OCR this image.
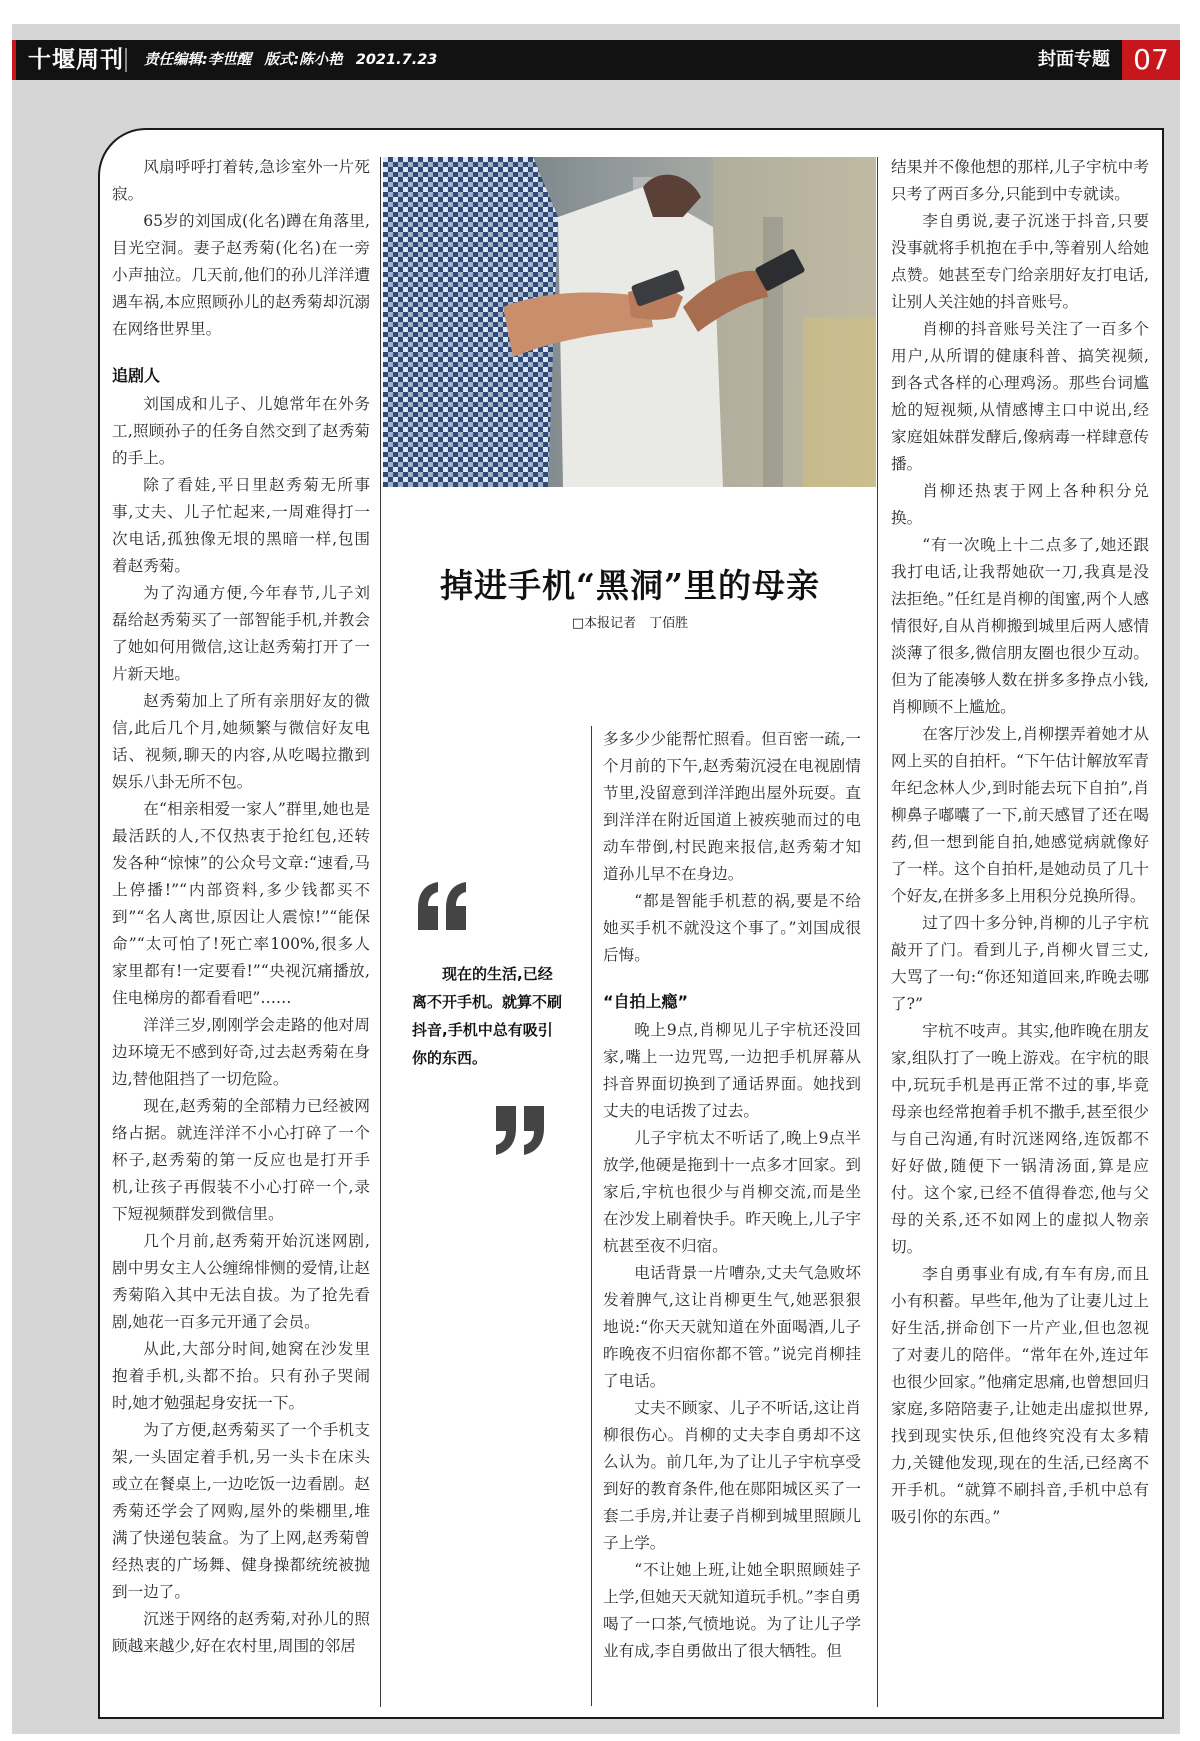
十堰周刊 责任编辑:李世醒 版式:陈小艳 2021.7.23	封面专题 07
掉进手机“黑洞”里的母亲
□本报记者　丁佰胜

现在的生活,已经离不开手机。就算不刷抖音,手机中总有吸引你的东西。

风扇呼呼打着转,急诊室外一片死寂。

65岁的刘国成(化名)蹲在角落里,目光空洞。妻子赵秀菊(化名)在一旁小声抽泣。几天前,他们的孙儿洋洋遭遇车祸,本应照顾孙儿的赵秀菊却沉溺在网络世界里。

追剧人

刘国成和儿子、儿媳常年在外务工,照顾孙子的任务自然交到了赵秀菊的手上。

除了看娃,平日里赵秀菊无所事事,丈夫、儿子忙起来,一周难得打一次电话,孤独像无垠的黑暗一样,包围着赵秀菊。

为了沟通方便,今年春节,儿子刘磊给赵秀菊买了一部智能手机,并教会了她如何用微信,这让赵秀菊打开了一片新天地。

赵秀菊加上了所有亲朋好友的微信,此后几个月,她频繁与微信好友电话、视频,聊天的内容,从吃喝拉撒到娱乐八卦无所不包。

在“相亲相爱一家人”群里,她也是最活跃的人,不仅热衷于抢红包,还转发各种“惊悚”的公众号文章:“速看,马上停播!”“内部资料,多少钱都买不到”“名人离世,原因让人震惊!”“能保命”“太可怕了!死亡率100%,很多人家里都有!一定要看!”“央视沉痛播放,住电梯房的都看看吧”……

洋洋三岁,刚刚学会走路的他对周边环境无不感到好奇,过去赵秀菊在身边,替他阻挡了一切危险。

现在,赵秀菊的全部精力已经被网络占据。就连洋洋不小心打碎了一个杯子,赵秀菊的第一反应也是打开手机,让孩子再假装不小心打碎一个,录下短视频群发到微信里。

几个月前,赵秀菊开始沉迷网剧,剧中男女主人公缠绵悱恻的爱情,让赵秀菊陷入其中无法自拔。为了抢先看剧,她花一百多元开通了会员。

从此,大部分时间,她窝在沙发里抱着手机,头都不抬。只有孙子哭闹时,她才勉强起身安抚一下。

为了方便,赵秀菊买了一个手机支架,一头固定着手机,另一头卡在床头或立在餐桌上,一边吃饭一边看剧。赵秀菊还学会了网购,屋外的柴棚里,堆满了快递包装盒。为了上网,赵秀菊曾经热衷的广场舞、健身操都统统被抛到一边了。

沉迷于网络的赵秀菊,对孙儿的照顾越来越少,好在农村里,周围的邻居

多多少少能帮忙照看。但百密一疏,一个月前的下午,赵秀菊沉浸在电视剧情节里,没留意到洋洋跑出屋外玩耍。直到洋洋在附近国道上被疾驰而过的电动车带倒,村民跑来报信,赵秀菊才知道孙儿早不在身边。

“都是智能手机惹的祸,要是不给她买手机不就没这个事了。”刘国成很后悔。

“自拍上瘾”

晚上9点,肖柳见儿子宇杭还没回家,嘴上一边咒骂,一边把手机屏幕从抖音界面切换到了通话界面。她找到丈夫的电话拨了过去。

儿子宇杭太不听话了,晚上9点半放学,他硬是拖到十一点多才回家。到家后,宇杭也很少与肖柳交流,而是坐在沙发上刷着快手。昨天晚上,儿子宇杭甚至夜不归宿。

电话背景一片嘈杂,丈夫气急败坏发着脾气,这让肖柳更生气,她恶狠狠地说:“你天天就知道在外面喝酒,儿子昨晚夜不归宿你都不管。”说完肖柳挂了电话。

丈夫不顾家、儿子不听话,这让肖柳很伤心。肖柳的丈夫李自勇却不这么认为。前几年,为了让儿子宇杭享受到好的教育条件,他在郧阳城区买了一套二手房,并让妻子肖柳到城里照顾儿子上学。

“不让她上班,让她全职照顾娃子上学,但她天天就知道玩手机。”李自勇喝了一口茶,气愤地说。为了让儿子学业有成,李自勇做出了很大牺牲。但

结果并不像他想的那样,儿子宇杭中考只考了两百多分,只能到中专就读。

李自勇说,妻子沉迷于抖音,只要没事就将手机抱在手中,等着别人给她点赞。她甚至专门给亲朋好友打电话,让别人关注她的抖音账号。

肖柳的抖音账号关注了一百多个用户,从所谓的健康科普、搞笑视频,到各式各样的心理鸡汤。那些台词尴尬的短视频,从情感博主口中说出,经家庭姐妹群发酵后,像病毒一样肆意传播。

肖柳还热衷于网上各种积分兑换。

“有一次晚上十二点多了,她还跟我打电话,让我帮她砍一刀,我真是没法拒绝。”任红是肖柳的闺蜜,两个人感情很好,自从肖柳搬到城里后两人感情淡薄了很多,微信朋友圈也很少互动。但为了能凑够人数在拼多多挣点小钱,肖柳顾不上尴尬。

在客厅沙发上,肖柳摆弄着她才从网上买的自拍杆。“下午估计解放军青年纪念林人少,到时能去玩下自拍”,肖柳鼻子嘟囔了一下,前天感冒了还在喝药,但一想到能自拍,她感觉病就像好了一样。这个自拍杆,是她动员了几十个好友,在拼多多上用积分兑换所得。

过了四十多分钟,肖柳的儿子宇杭敲开了门。看到儿子,肖柳火冒三丈,大骂了一句:“你还知道回来,昨晚去哪了?”

宇杭不吱声。其实,他昨晚在朋友家,组队打了一晚上游戏。在宇杭的眼中,玩玩手机是再正常不过的事,毕竟母亲也经常抱着手机不撒手,甚至很少与自己沟通,有时沉迷网络,连饭都不好好做,随便下一锅清汤面,算是应付。这个家,已经不值得眷恋,他与父母的关系,还不如网上的虚拟人物亲切。

李自勇事业有成,有车有房,而且小有积蓄。早些年,他为了让妻儿过上好生活,拼命创下一片产业,但也忽视了对妻儿的陪伴。“常年在外,连过年也很少回家。”他痛定思痛,也曾想回归家庭,多陪陪妻子,让她走出虚拟世界,找到现实快乐,但他终究没有太多精力,关键他发现,现在的生活,已经离不开手机。“就算不刷抖音,手机中总有吸引你的东西。”
